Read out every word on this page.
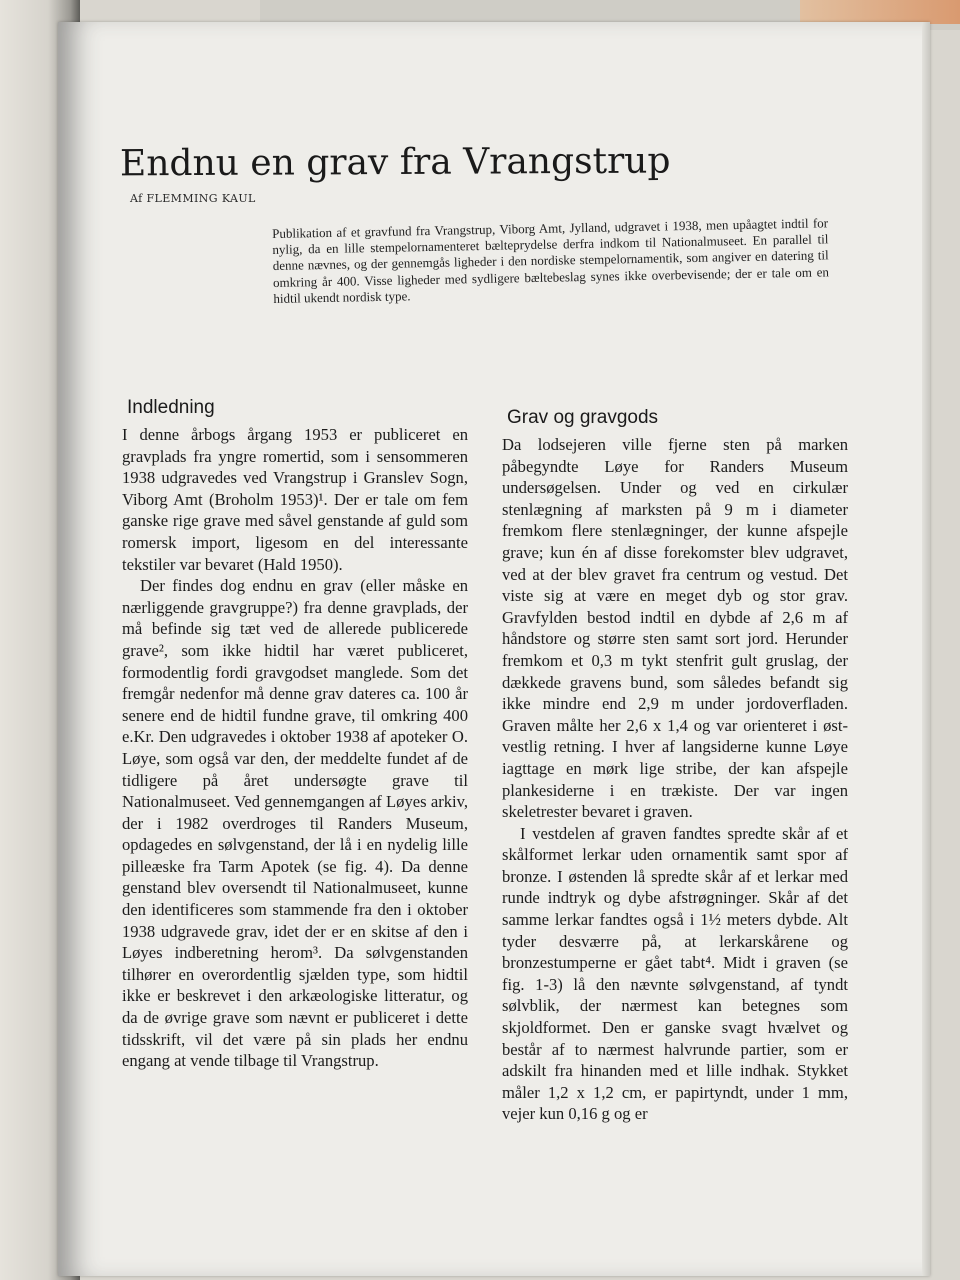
Endnu en grav fra Vrangstrup
Af FLEMMING KAUL

Publikation af et gravfund fra Vrangstrup, Viborg Amt, Jylland, udgravet i 1938, men upåagtet indtil for nylig, da en lille stempelornamenteret bælteprydelse derfra indkom til Nationalmuseet. En parallel til denne nævnes, og der gennemgås ligheder i den nordiske stempelornamentik, som angiver en datering til omkring år 400. Visse ligheder med sydligere bæltebeslag synes ikke overbevisende; der er tale om en hidtil ukendt nordisk type.

Indledning

I denne årbogs årgang 1953 er publiceret en gravplads fra yngre romertid, som i sensommeren 1938 udgravedes ved Vrangstrup i Granslev Sogn, Viborg Amt (Broholm 1953)¹. Der er tale om fem ganske rige grave med såvel genstande af guld som romersk import, ligesom en del interessante tekstiler var bevaret (Hald 1950).

Der findes dog endnu en grav (eller måske en nærliggende gravgruppe?) fra denne gravplads, der må befinde sig tæt ved de allerede publicerede grave², som ikke hidtil har været publiceret, formodentlig fordi gravgodset manglede. Som det fremgår nedenfor må denne grav dateres ca. 100 år senere end de hidtil fundne grave, til omkring 400 e.Kr. Den udgravedes i oktober 1938 af apoteker O. Løye, som også var den, der meddelte fundet af de tidligere på året undersøgte grave til Nationalmuseet. Ved gennemgangen af Løyes arkiv, der i 1982 overdroges til Randers Museum, opdagedes en sølvgenstand, der lå i en nydelig lille pilleæske fra Tarm Apotek (se fig. 4). Da denne genstand blev oversendt til Nationalmuseet, kunne den identificeres som stammende fra den i oktober 1938 udgravede grav, idet der er en skitse af den i Løyes indberetning herom³. Da sølvgenstanden tilhører en overordentlig sjælden type, som hidtil ikke er beskrevet i den arkæologiske litteratur, og da de øvrige grave som nævnt er publiceret i dette tidsskrift, vil det være på sin plads her endnu engang at vende tilbage til Vrangstrup.

Grav og gravgods

Da lodsejeren ville fjerne sten på marken påbegyndte Løye for Randers Museum undersøgelsen. Under og ved en cirkulær stenlægning af marksten på 9 m i diameter fremkom flere stenlægninger, der kunne afspejle grave; kun én af disse forekomster blev udgravet, ved at der blev gravet fra centrum og vestud. Det viste sig at være en meget dyb og stor grav. Gravfylden bestod indtil en dybde af 2,6 m af håndstore og større sten samt sort jord. Herunder fremkom et 0,3 m tykt stenfrit gult gruslag, der dækkede gravens bund, som således befandt sig ikke mindre end 2,9 m under jordoverfladen. Graven målte her 2,6 x 1,4 og var orienteret i øst-vestlig retning. I hver af langsiderne kunne Løye iagttage en mørk lige stribe, der kan afspejle plankesiderne i en trækiste. Der var ingen skeletrester bevaret i graven.

I vestdelen af graven fandtes spredte skår af et skålformet lerkar uden ornamentik samt spor af bronze. I østenden lå spredte skår af et lerkar med runde indtryk og dybe afstrøgninger. Skår af det samme lerkar fandtes også i 1½ meters dybde. Alt tyder desværre på, at lerkarskårene og bronzestumperne er gået tabt⁴. Midt i graven (se fig. 1-3) lå den nævnte sølvgenstand, af tyndt sølvblik, der nærmest kan betegnes som skjoldformet. Den er ganske svagt hvælvet og består af to nærmest halvrunde partier, som er adskilt fra hinanden med et lille indhak. Stykket måler 1,2 x 1,2 cm, er papirtyndt, under 1 mm, vejer kun 0,16 g og er
